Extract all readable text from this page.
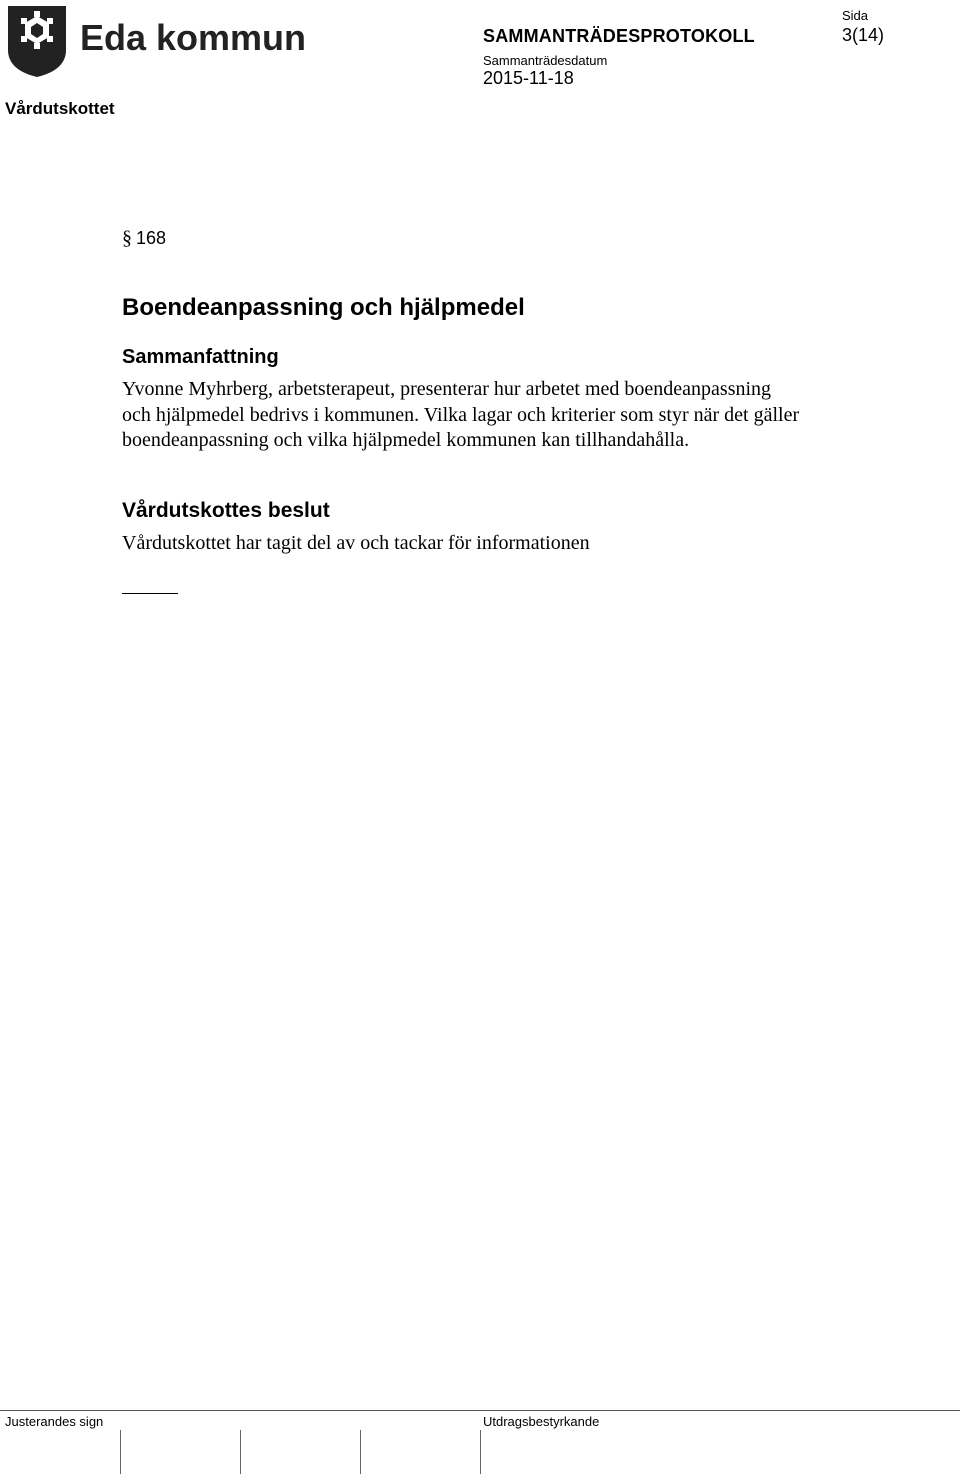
Eda kommun
Vårdutskottet
SAMMANTRÄDESPROTOKOLL
Sammanträdesdatum
2015-11-18
Sida
3(14)
§ 168
Boendeanpassning och hjälpmedel
Sammanfattning
Yvonne Myhrberg, arbetsterapeut, presenterar hur arbetet med boendeanpassning och hjälpmedel bedrivs i kommunen. Vilka lagar och kriterier som styr när det gäller boendeanpassning och vilka hjälpmedel kommunen kan tillhandahålla.
Vårdutskottes beslut
Vårdutskottet har tagit del av och tackar för informationen
Justerandes sign	Utdragsbestyrkande
